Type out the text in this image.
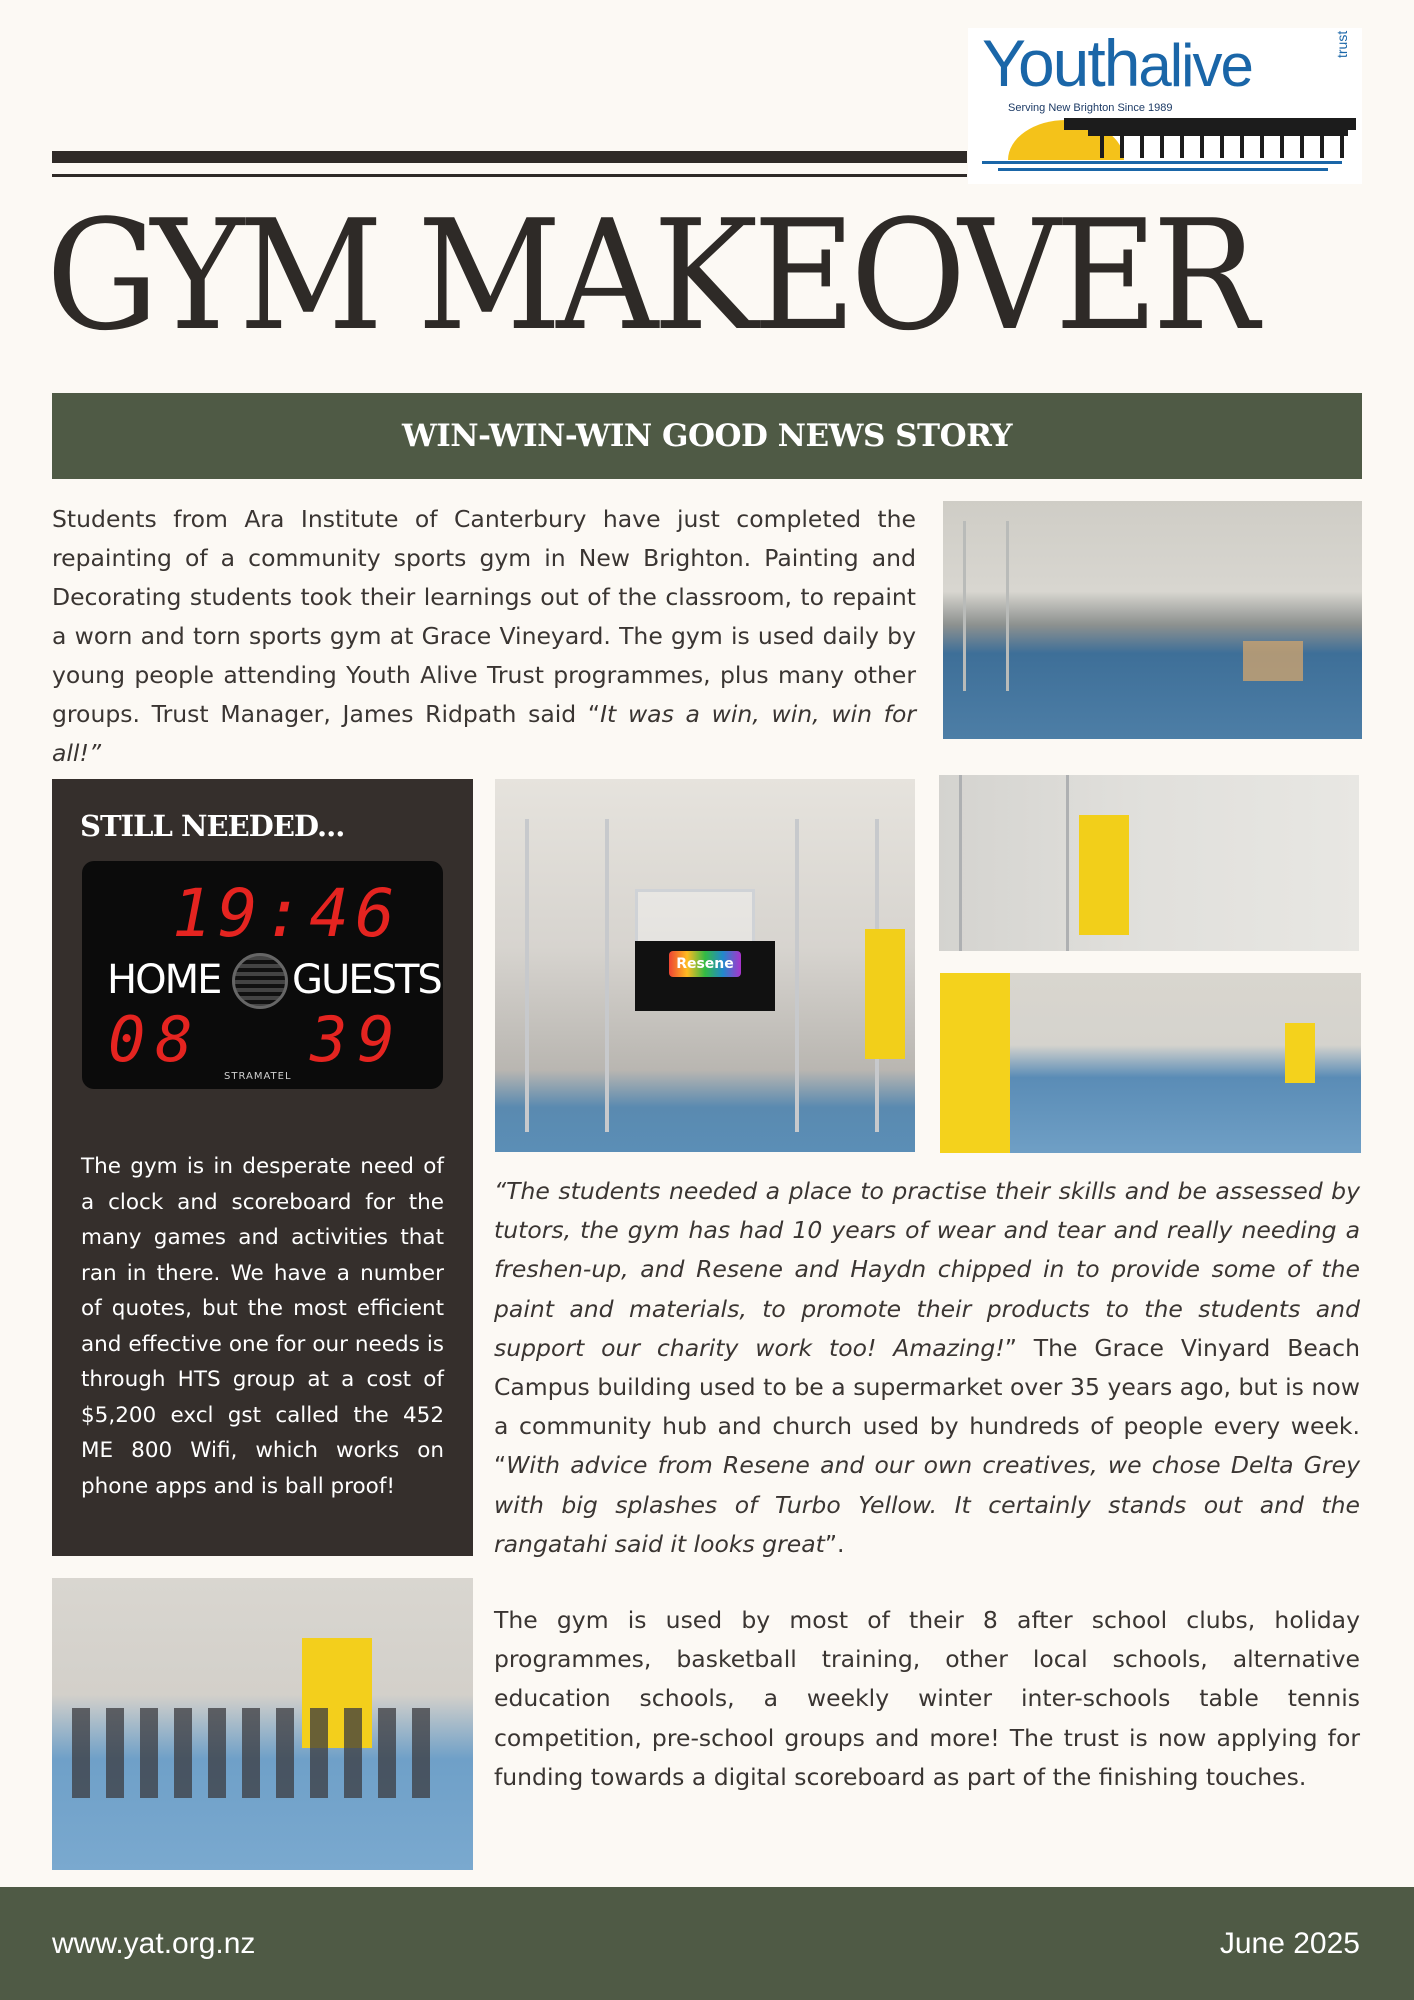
Youthalive	trust
Serving New Brighton Since 1989
GYM MAKEOVER
WIN-WIN-WIN GOOD NEWS STORY

Students from Ara Institute of Canterbury have just completed the repainting of a community sports gym in New Brighton. Painting and Decorating students took their learnings out of the classroom, to repaint a worn and torn sports gym at Grace Vineyard. The gym is used daily by young people attending Youth Alive Trust programmes, plus many other groups. Trust Manager, James Ridpath said “It was a win, win, win for all!”

Resene
STILL NEEDED...
19:46
HOME GUESTS
08 39
STRAMATEL

The gym is in desperate need of a clock and scoreboard for the many games and activities that ran in there. We have a number of quotes, but the most efficient and effective one for our needs is through HTS group at a cost of $5,200 excl gst called the 452 ME 800 Wifi, which works on phone apps and is ball proof!

“The students needed a place to practise their skills and be assessed by tutors, the gym has had 10 years of wear and tear and really needing a freshen-up, and Resene and Haydn chipped in to provide some of the paint and materials, to promote their products to the students and support our charity work too! Amazing!” The Grace Vinyard Beach Campus building used to be a supermarket over 35 years ago, but is now a community hub and church used by hundreds of people every week. “With advice from Resene and our own creatives, we chose Delta Grey with big splashes of Turbo Yellow. It certainly stands out and the rangatahi said it looks great”.

The gym is used by most of their 8 after school clubs, holiday programmes, basketball training, other local schools, alternative education schools, a weekly winter inter-schools table tennis competition, pre-school groups and more! The trust is now applying for funding towards a digital scoreboard as part of the finishing touches.

www.yat.org.nz	June 2025
